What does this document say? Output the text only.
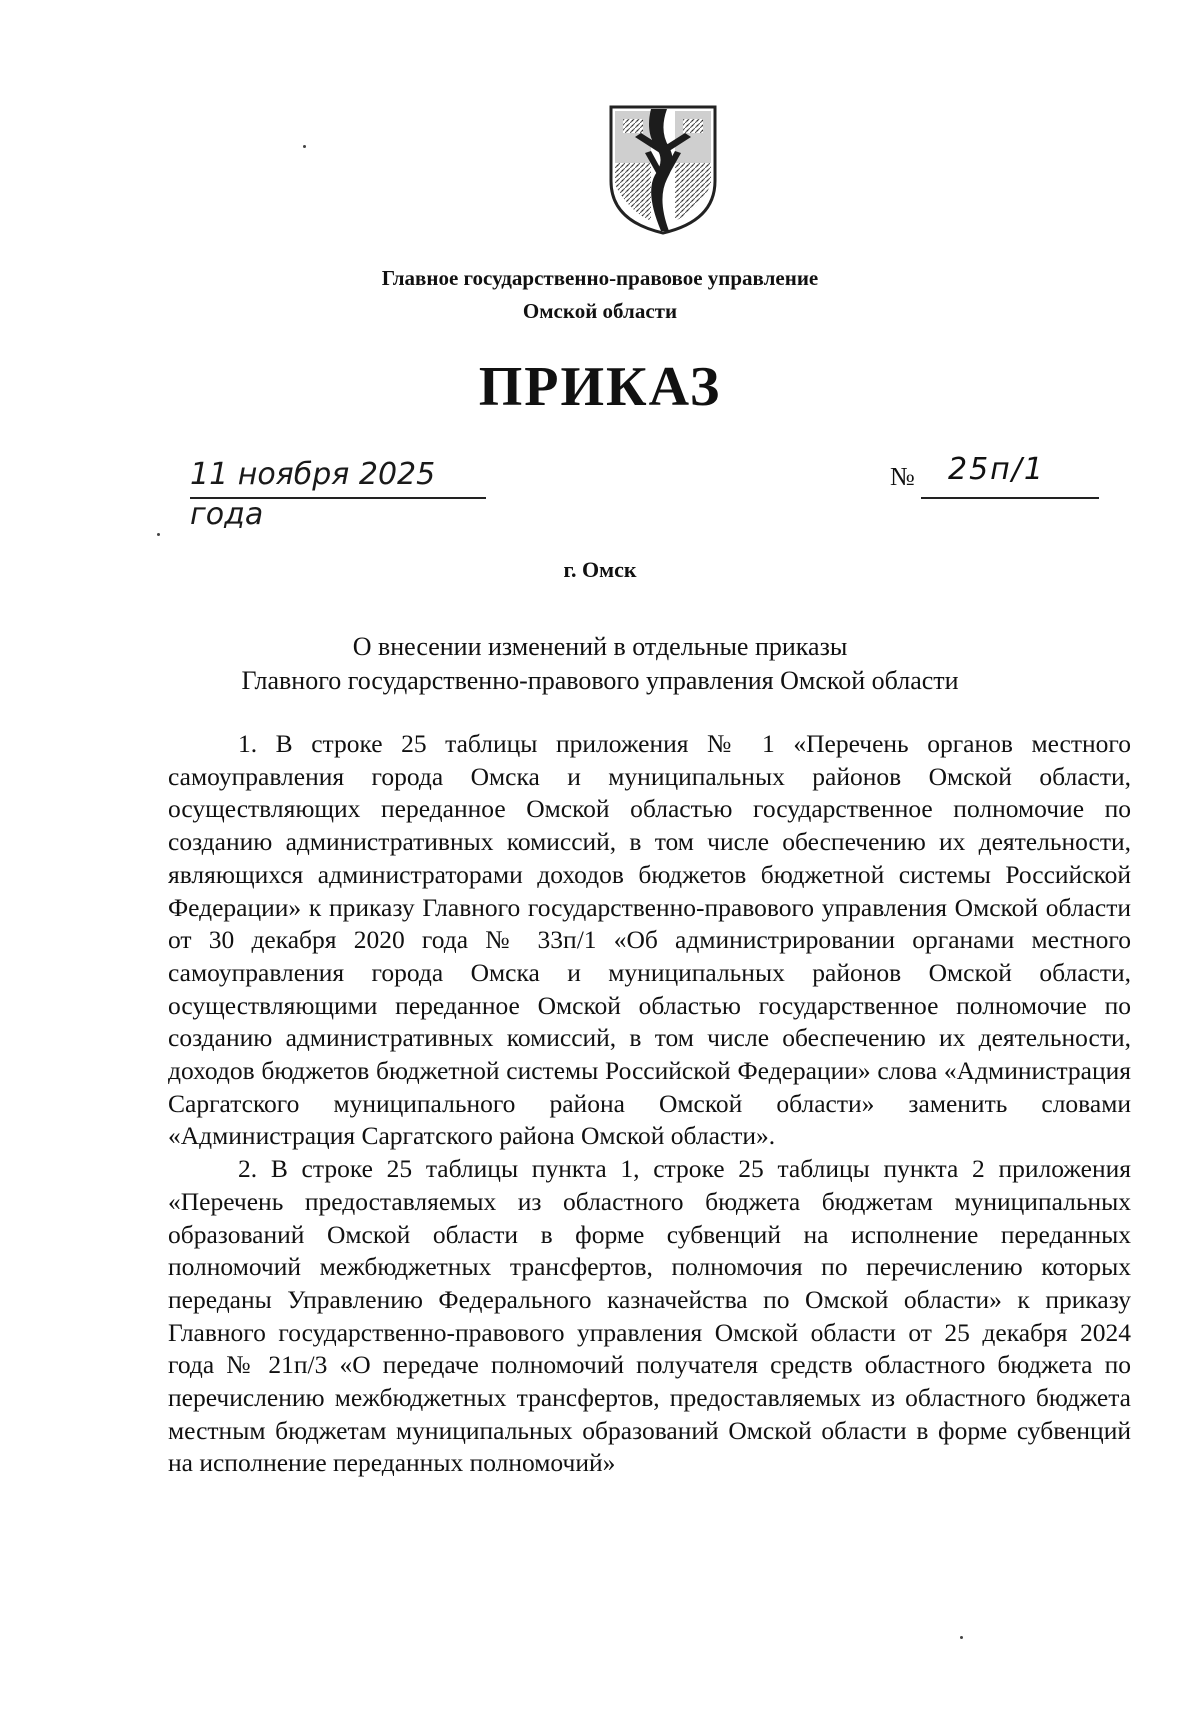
Главное государственно-правовое управление
Омской области
ПРИКАЗ
11 ноября 2025 года
№ 25п/1
г. Омск
О внесении изменений в отдельные приказы
Главного государственно-правового управления Омской области

1. В строке 25 таблицы приложения № 1 «Перечень органов местного самоуправления города Омска и муниципальных районов Омской области, осуществляющих переданное Омской областью государственное полномочие по созданию административных комиссий, в том числе обеспечению их деятельности, являющихся администраторами доходов бюджетов бюджетной системы Российской Федерации» к приказу Главного государственно-правового управления Омской области от 30 декабря 2020 года № 33п/1 «Об администрировании органами местного самоуправления города Омска и муниципальных районов Омской области, осуществляющими переданное Омской областью государственное полномочие по созданию административных комиссий, в том числе обеспечению их деятельности, доходов бюджетов бюджетной системы Российской Федерации» слова «Администрация Саргатского муниципального района Омской области» заменить словами «Администрация Саргатского района Омской области».

2. В строке 25 таблицы пункта 1, строке 25 таблицы пункта 2 приложения «Перечень предоставляемых из областного бюджета бюджетам муниципальных образований Омской области в форме субвенций на исполнение переданных полномочий межбюджетных трансфертов, полномочия по перечислению которых переданы Управлению Федерального казначейства по Омской области» к приказу Главного государственно-правового управления Омской области от 25 декабря 2024 года № 21п/3 «О передаче полномочий получателя средств областного бюджета по перечислению межбюджетных трансфертов, предоставляемых из областного бюджета местным бюджетам муниципальных образований Омской области в форме субвенций на исполнение переданных полномочий»
